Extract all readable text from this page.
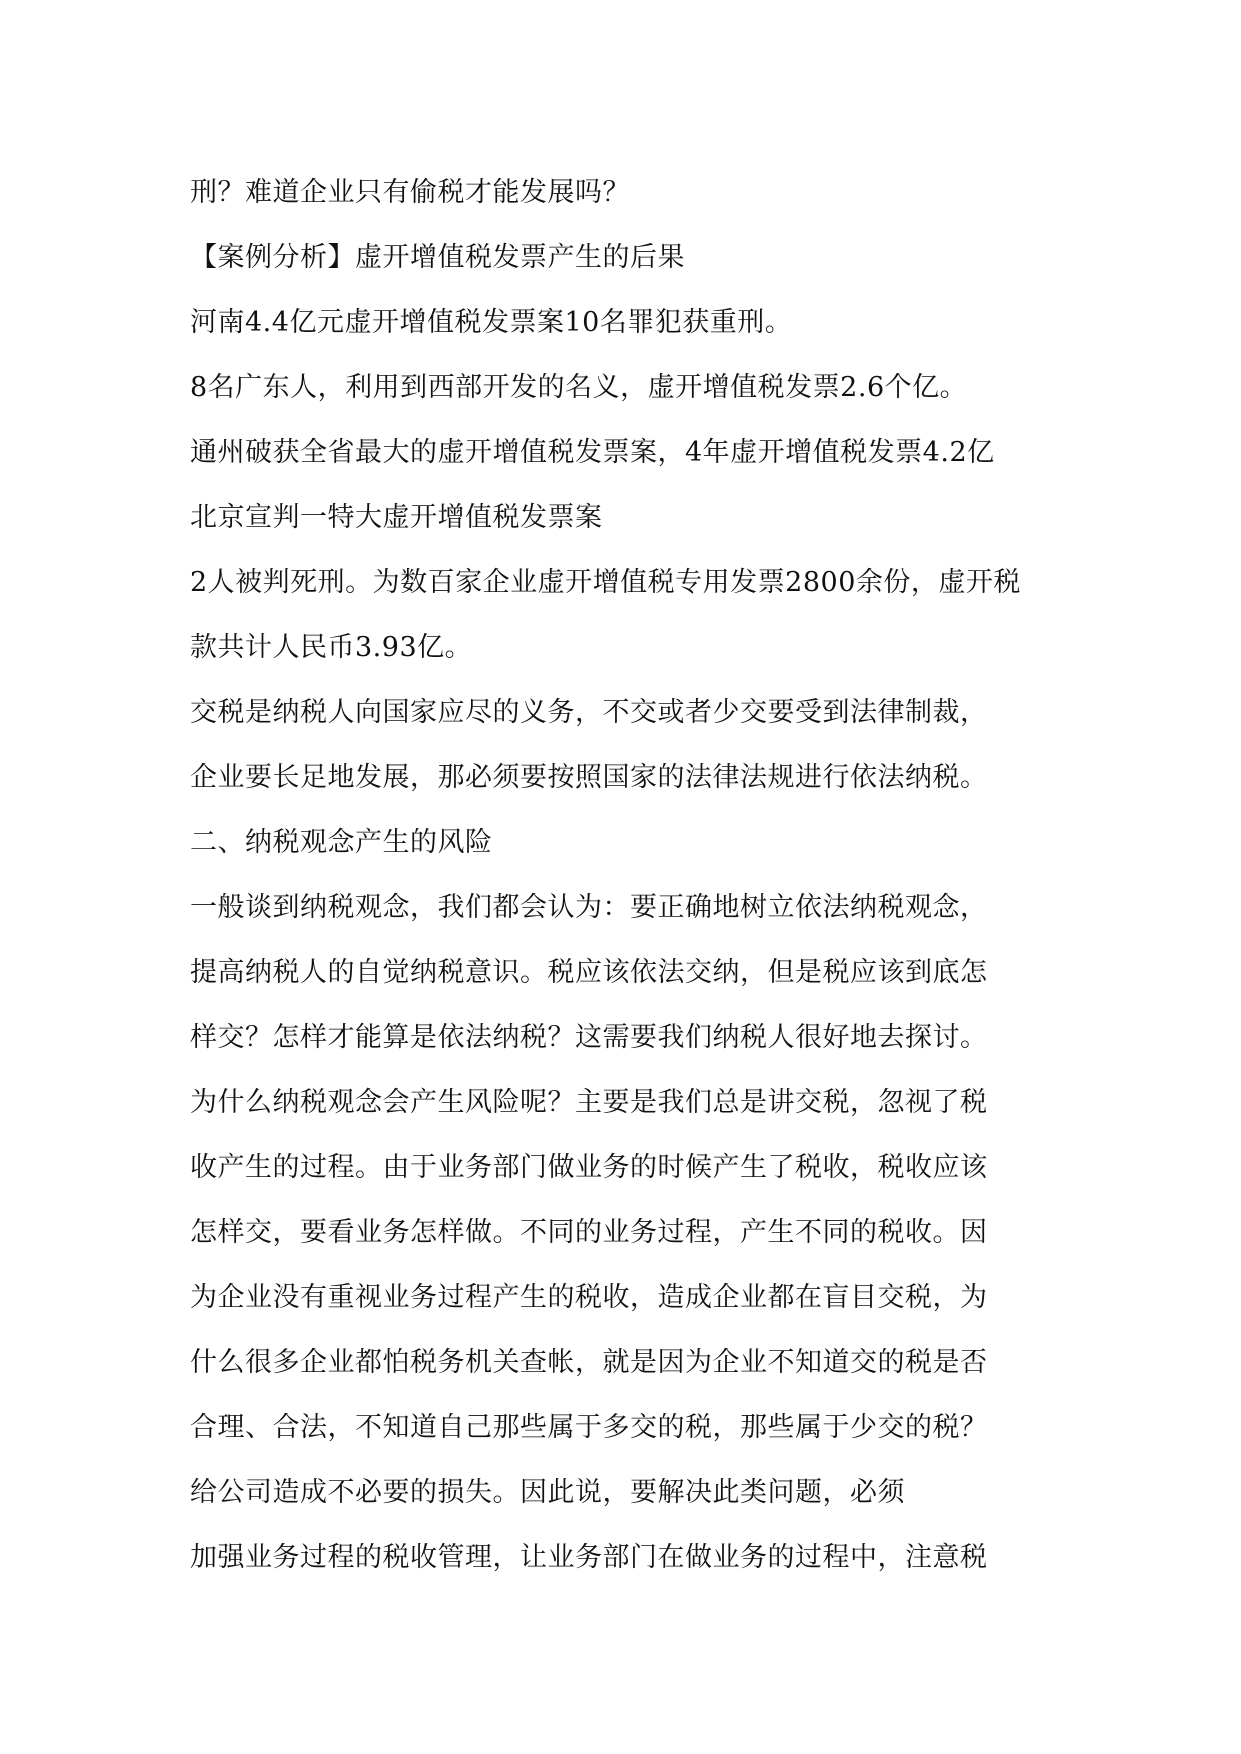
刑？难道企业只有偷税才能发展吗？
【案例分析】虚开增值税发票产生的后果
河南4.4亿元虚开增值税发票案10名罪犯获重刑。
8名广东人，利用到西部开发的名义，虚开增值税发票2.6个亿。
通州破获全省最大的虚开增值税发票案，4年虚开增值税发票4.2亿
北京宣判一特大虚开增值税发票案
2人被判死刑。为数百家企业虚开增值税专用发票2800余份，虚开税
款共计人民币3.93亿。
交税是纳税人向国家应尽的义务，不交或者少交要受到法律制裁，
企业要长足地发展，那必须要按照国家的法律法规进行依法纳税。
二、纳税观念产生的风险
一般谈到纳税观念，我们都会认为：要正确地树立依法纳税观念，
提高纳税人的自觉纳税意识。税应该依法交纳，但是税应该到底怎
样交？怎样才能算是依法纳税？这需要我们纳税人很好地去探讨。
为什么纳税观念会产生风险呢？主要是我们总是讲交税，忽视了税
收产生的过程。由于业务部门做业务的时候产生了税收，税收应该
怎样交，要看业务怎样做。不同的业务过程，产生不同的税收。因
为企业没有重视业务过程产生的税收，造成企业都在盲目交税，为
什么很多企业都怕税务机关查帐，就是因为企业不知道交的税是否
合理、合法，不知道自己那些属于多交的税，那些属于少交的税？
给公司造成不必要的损失。因此说，要解决此类问题，必须
加强业务过程的税收管理，让业务部门在做业务的过程中，注意税
